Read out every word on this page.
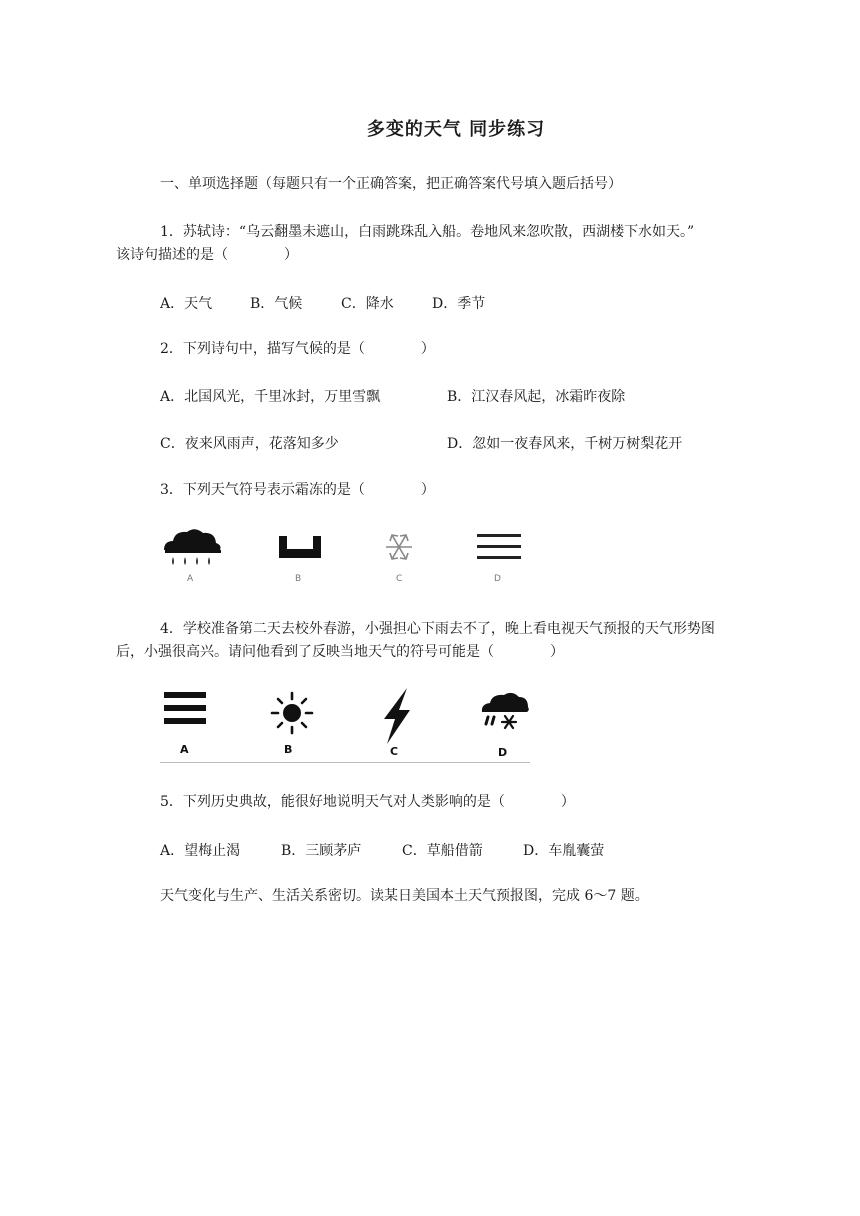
多变的天气 同步练习
一、单项选择题（每题只有一个正确答案，把正确答案代号填入题后括号）
1．苏轼诗：“乌云翻墨未遮山，白雨跳珠乱入船。卷地风来忽吹散，西湖楼下水如天。”
该诗句描述的是（　　　　）
A．天气	B．气候	C．降水	D．季节
2．下列诗句中，描写气候的是（　　　　）
A．北国风光，千里冰封，万里雪飘	B．江汉春风起，冰霜昨夜除
C．夜来风雨声，花落知多少	D．忽如一夜春风来，千树万树梨花开
3．下列天气符号表示霜冻的是（　　　　）
A	B	C	D
4．学校准备第二天去校外春游，小强担心下雨去不了，晚上看电视天气预报的天气形势图
后，小强很高兴。请问他看到了反映当地天气的符号可能是（　　　　）
A	B	C	D
5．下列历史典故，能很好地说明天气对人类影响的是（　　　　）
A．望梅止渴	B．三顾茅庐	C．草船借箭	D．车胤囊萤
天气变化与生产、生活关系密切。读某日美国本土天气预报图，完成 6～7 题。
